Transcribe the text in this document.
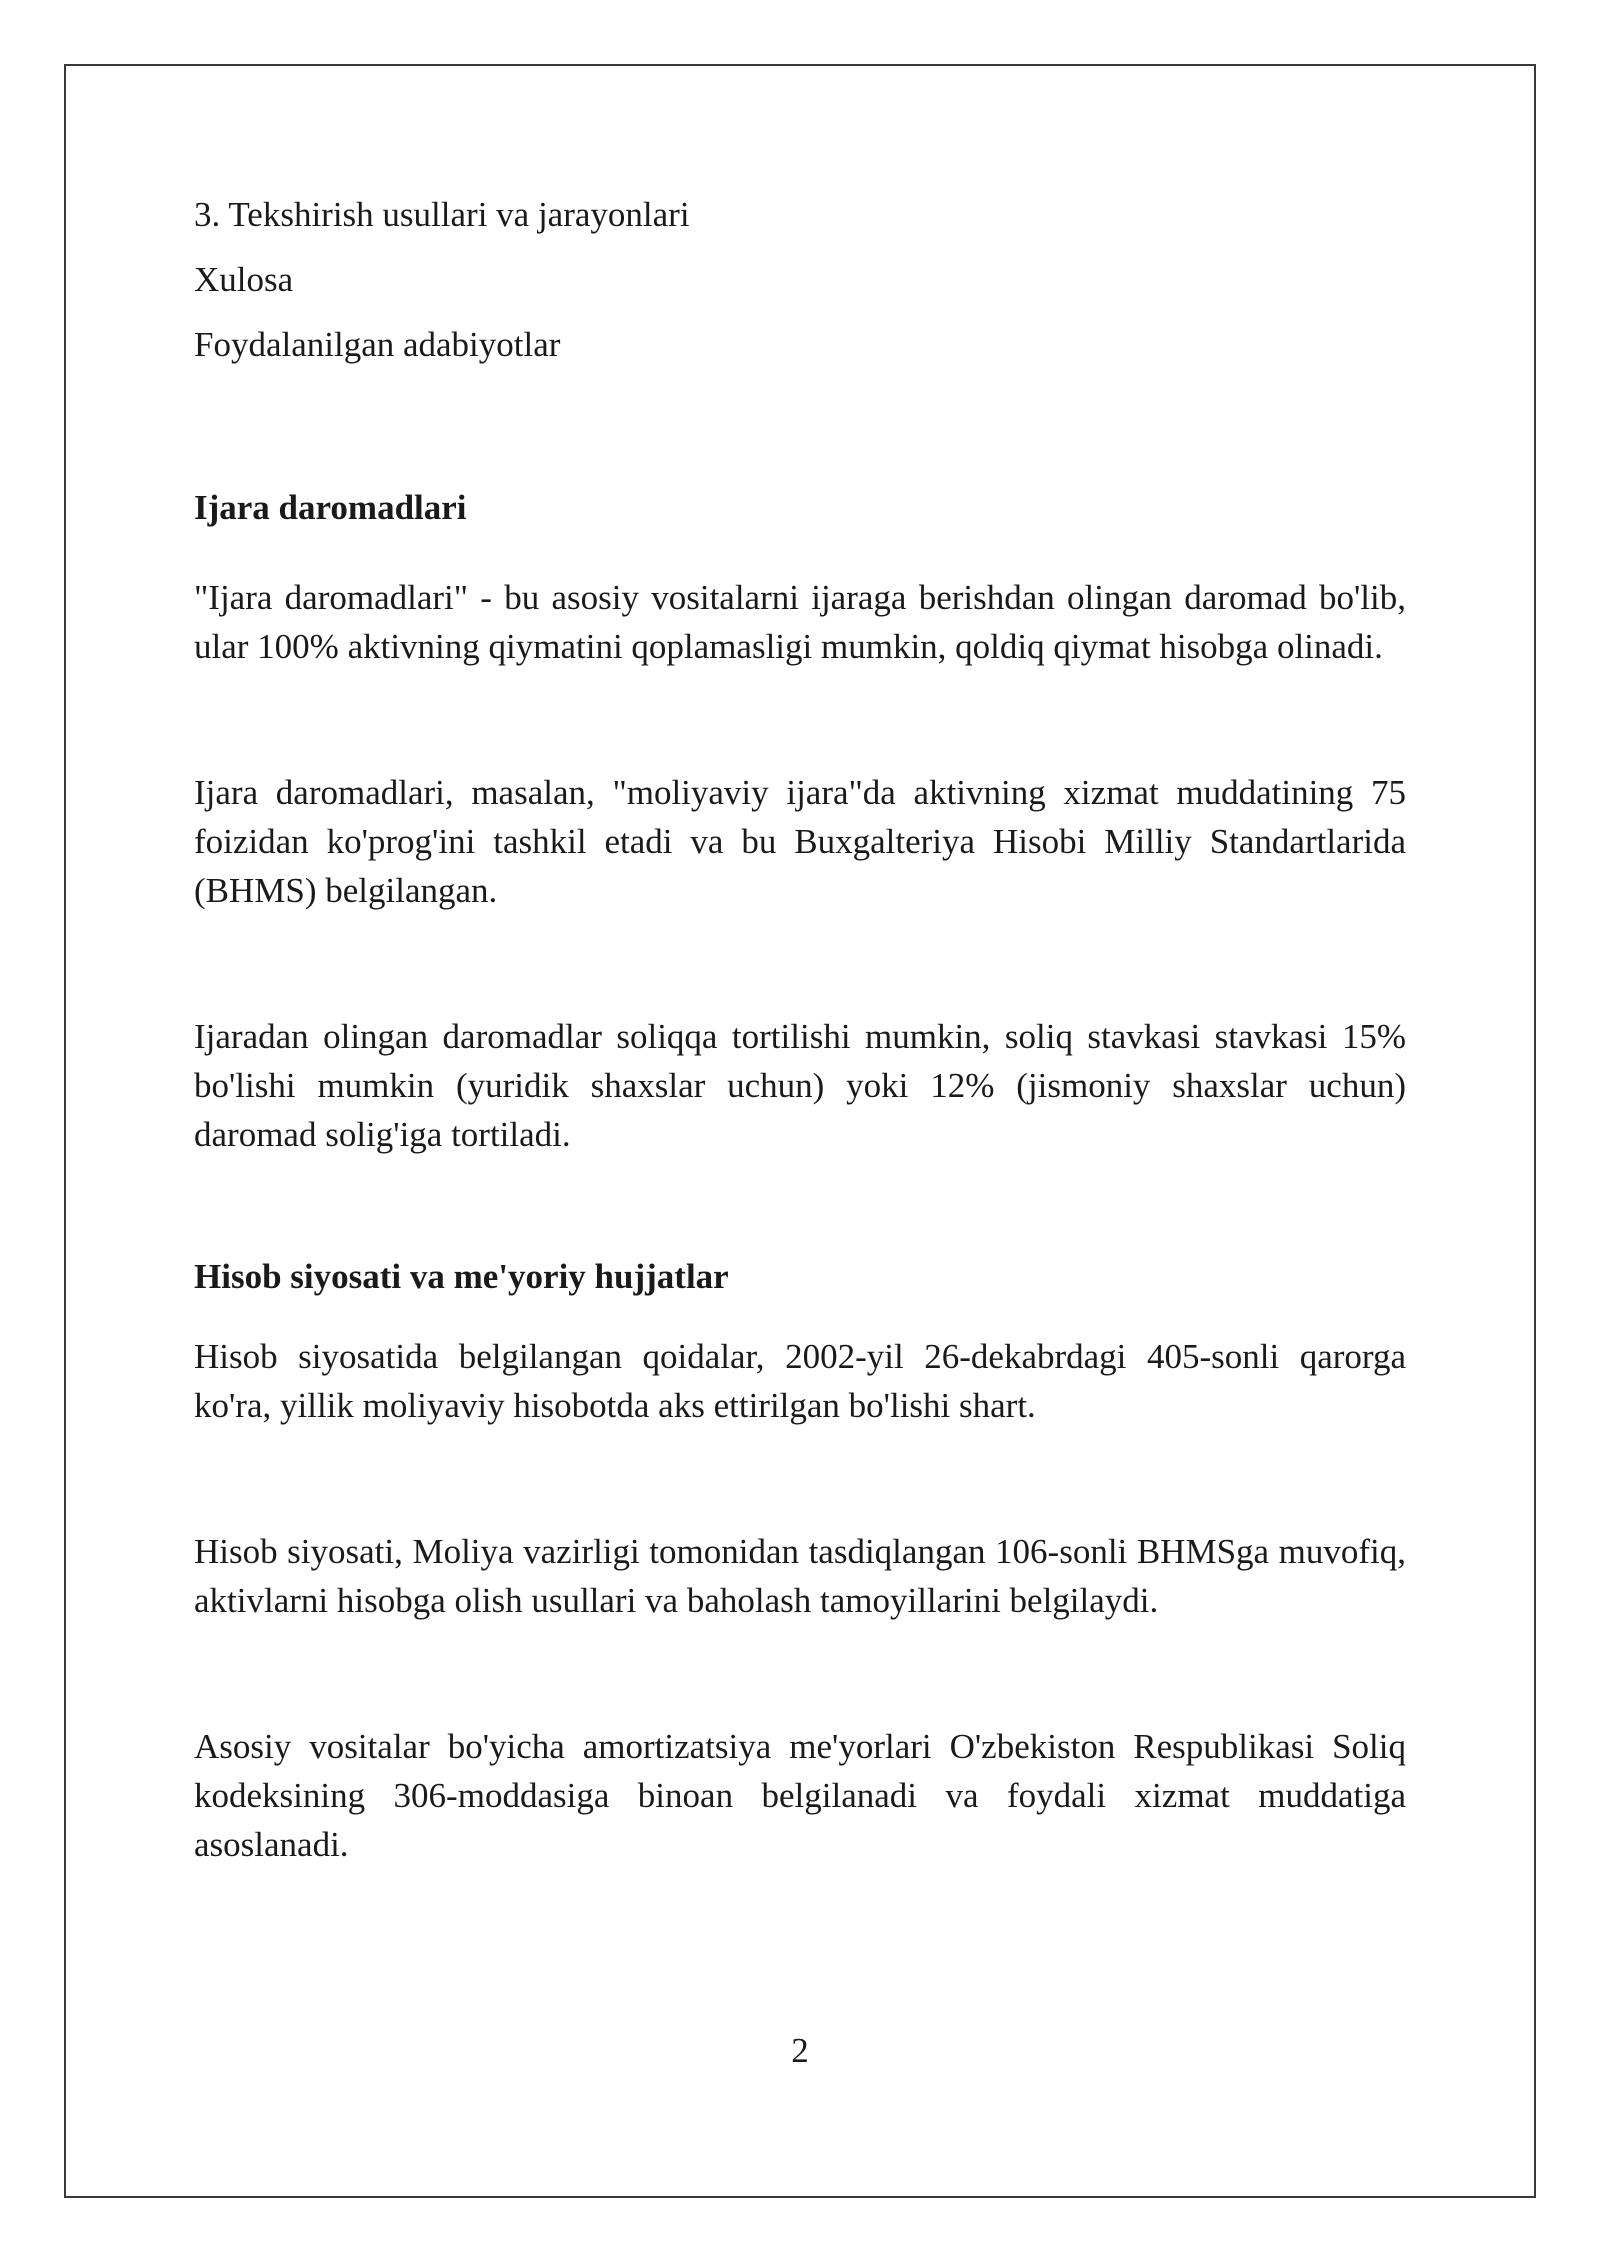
3. Tekshirish usullari va jarayonlari

Xulosa

Foydalanilgan adabiyotlar

Ijara daromadlari

"Ijara daromadlari" - bu asosiy vositalarni ijaraga berishdan olingan daromad bo'lib, ular 100% aktivning qiymatini qoplamasligi mumkin, qoldiq qiymat hisobga olinadi.

Ijara daromadlari, masalan, "moliyaviy ijara"da aktivning xizmat muddatining 75 foizidan ko'prog'ini tashkil etadi va bu Buxgalteriya Hisobi Milliy Standartlarida (BHMS) belgilangan.

Ijaradan olingan daromadlar soliqqa tortilishi mumkin, soliq stavkasi stavkasi 15% bo'lishi mumkin (yuridik shaxslar uchun) yoki 12% (jismoniy shaxslar uchun) daromad solig'iga tortiladi.

Hisob siyosati va me'yoriy hujjatlar

Hisob siyosatida belgilangan qoidalar, 2002-yil 26-dekabrdagi 405-sonli qarorga ko'ra, yillik moliyaviy hisobotda aks ettirilgan bo'lishi shart.

Hisob siyosati, Moliya vazirligi tomonidan tasdiqlangan 106-sonli BHMSga muvofiq, aktivlarni hisobga olish usullari va baholash tamoyillarini belgilaydi.

Asosiy vositalar bo'yicha amortizatsiya me'yorlari O'zbekiston Respublikasi Soliq kodeksining 306-moddasiga binoan belgilanadi va foydali xizmat muddatiga asoslanadi.

2
